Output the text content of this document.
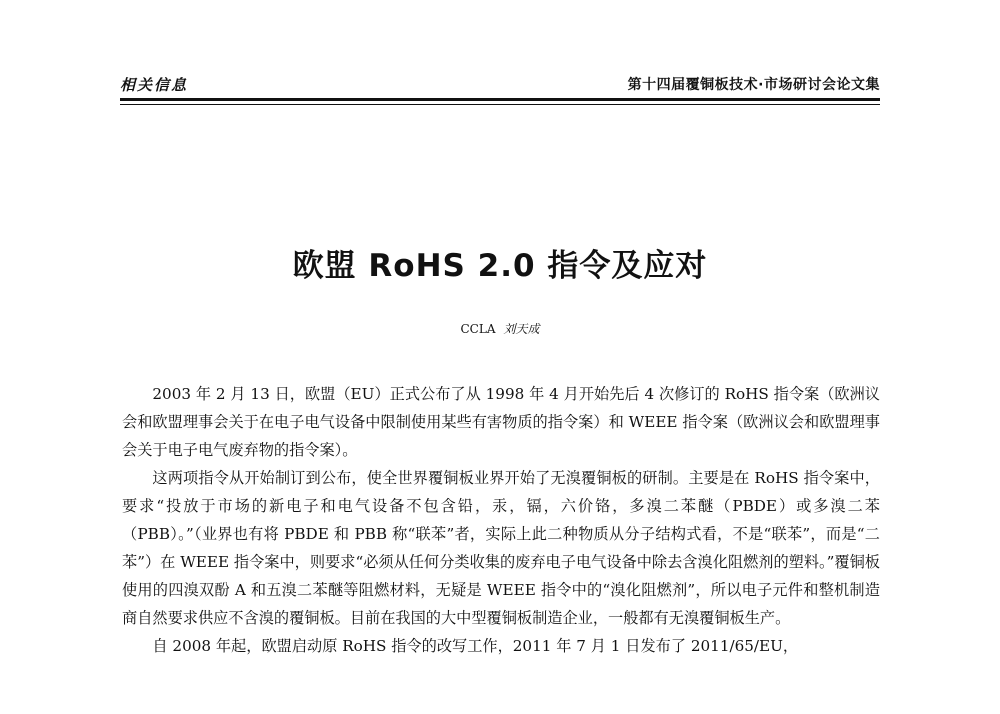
相关信息	第十四届覆铜板技术·市场研讨会论文集
欧盟 RoHS 2.0 指令及应对
CCLA 刘天成

2003 年 2 月 13 日，欧盟（EU）正式公布了从 1998 年 4 月开始先后 4 次修订的 RoHS 指令案（欧洲议会和欧盟理事会关于在电子电气设备中限制使用某些有害物质的指令案）和 WEEE 指令案（欧洲议会和欧盟理事会关于电子电气废弃物的指令案）。

这两项指令从开始制订到公布，使全世界覆铜板业界开始了无溴覆铜板的研制。主要是在 RoHS 指令案中，要求“投放于市场的新电子和电气设备不包含铅，汞，镉，六价铬，多溴二苯醚（PBDE）或多溴二苯（PBB）。”（业界也有将 PBDE 和 PBB 称“联苯”者，实际上此二种物质从分子结构式看，不是“联苯”，而是“二苯”）在 WEEE 指令案中，则要求“必须从任何分类收集的废弃电子电气设备中除去含溴化阻燃剂的塑料。”覆铜板使用的四溴双酚 A 和五溴二苯醚等阻燃材料，无疑是 WEEE 指令中的“溴化阻燃剂”，所以电子元件和整机制造商自然要求供应不含溴的覆铜板。目前在我国的大中型覆铜板制造企业，一般都有无溴覆铜板生产。

自 2008 年起，欧盟启动原 RoHS 指令的改写工作，2011 年 7 月 1 日发布了 2011/65/EU，
